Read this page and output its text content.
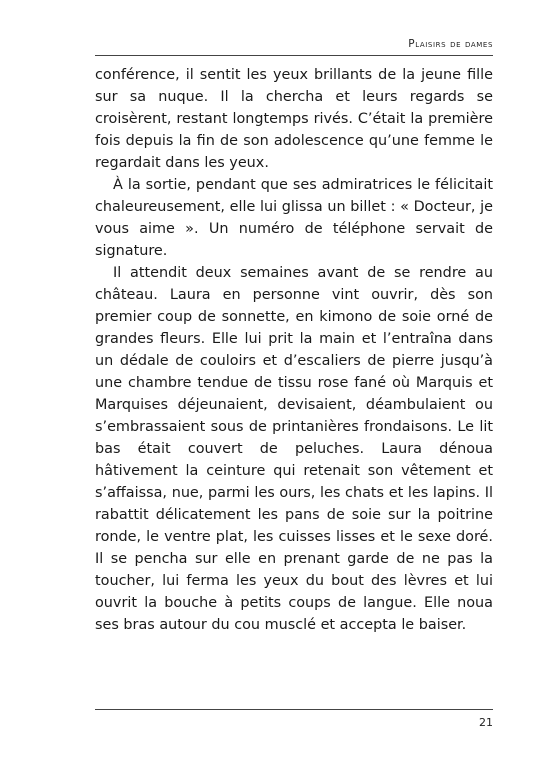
Plaisirs de dames

conférence, il sentit les yeux brillants de la jeune fille sur sa nuque. Il la chercha et leurs regards se croisèrent, restant longtemps rivés. C’était la première fois depuis la fin de son adolescence qu’une femme le regardait dans les yeux.

À la sortie, pendant que ses admiratrices le félicitait chaleureusement, elle lui glissa un billet : « Docteur, je vous aime ». Un numéro de téléphone servait de signature.

Il attendit deux semaines avant de se rendre au château. Laura en personne vint ouvrir, dès son premier coup de sonnette, en kimono de soie orné de grandes fleurs. Elle lui prit la main et l’entraîna dans un dédale de couloirs et d’escaliers de pierre jusqu’à une chambre tendue de tissu rose fané où Marquis et Marquises déjeunaient, devisaient, déambulaient ou s’embrassaient sous de printanières frondaisons. Le lit bas était couvert de peluches. Laura dénoua hâtivement la ceinture qui retenait son vêtement et s’affaissa, nue, parmi les ours, les chats et les lapins. Il rabattit délicatement les pans de soie sur la poitrine ronde, le ventre plat, les cuisses lisses et le sexe doré. Il se pencha sur elle en prenant garde de ne pas la toucher, lui ferma les yeux du bout des lèvres et lui ouvrit la bouche à petits coups de langue. Elle noua ses bras autour du cou musclé et accepta le baiser.

21
